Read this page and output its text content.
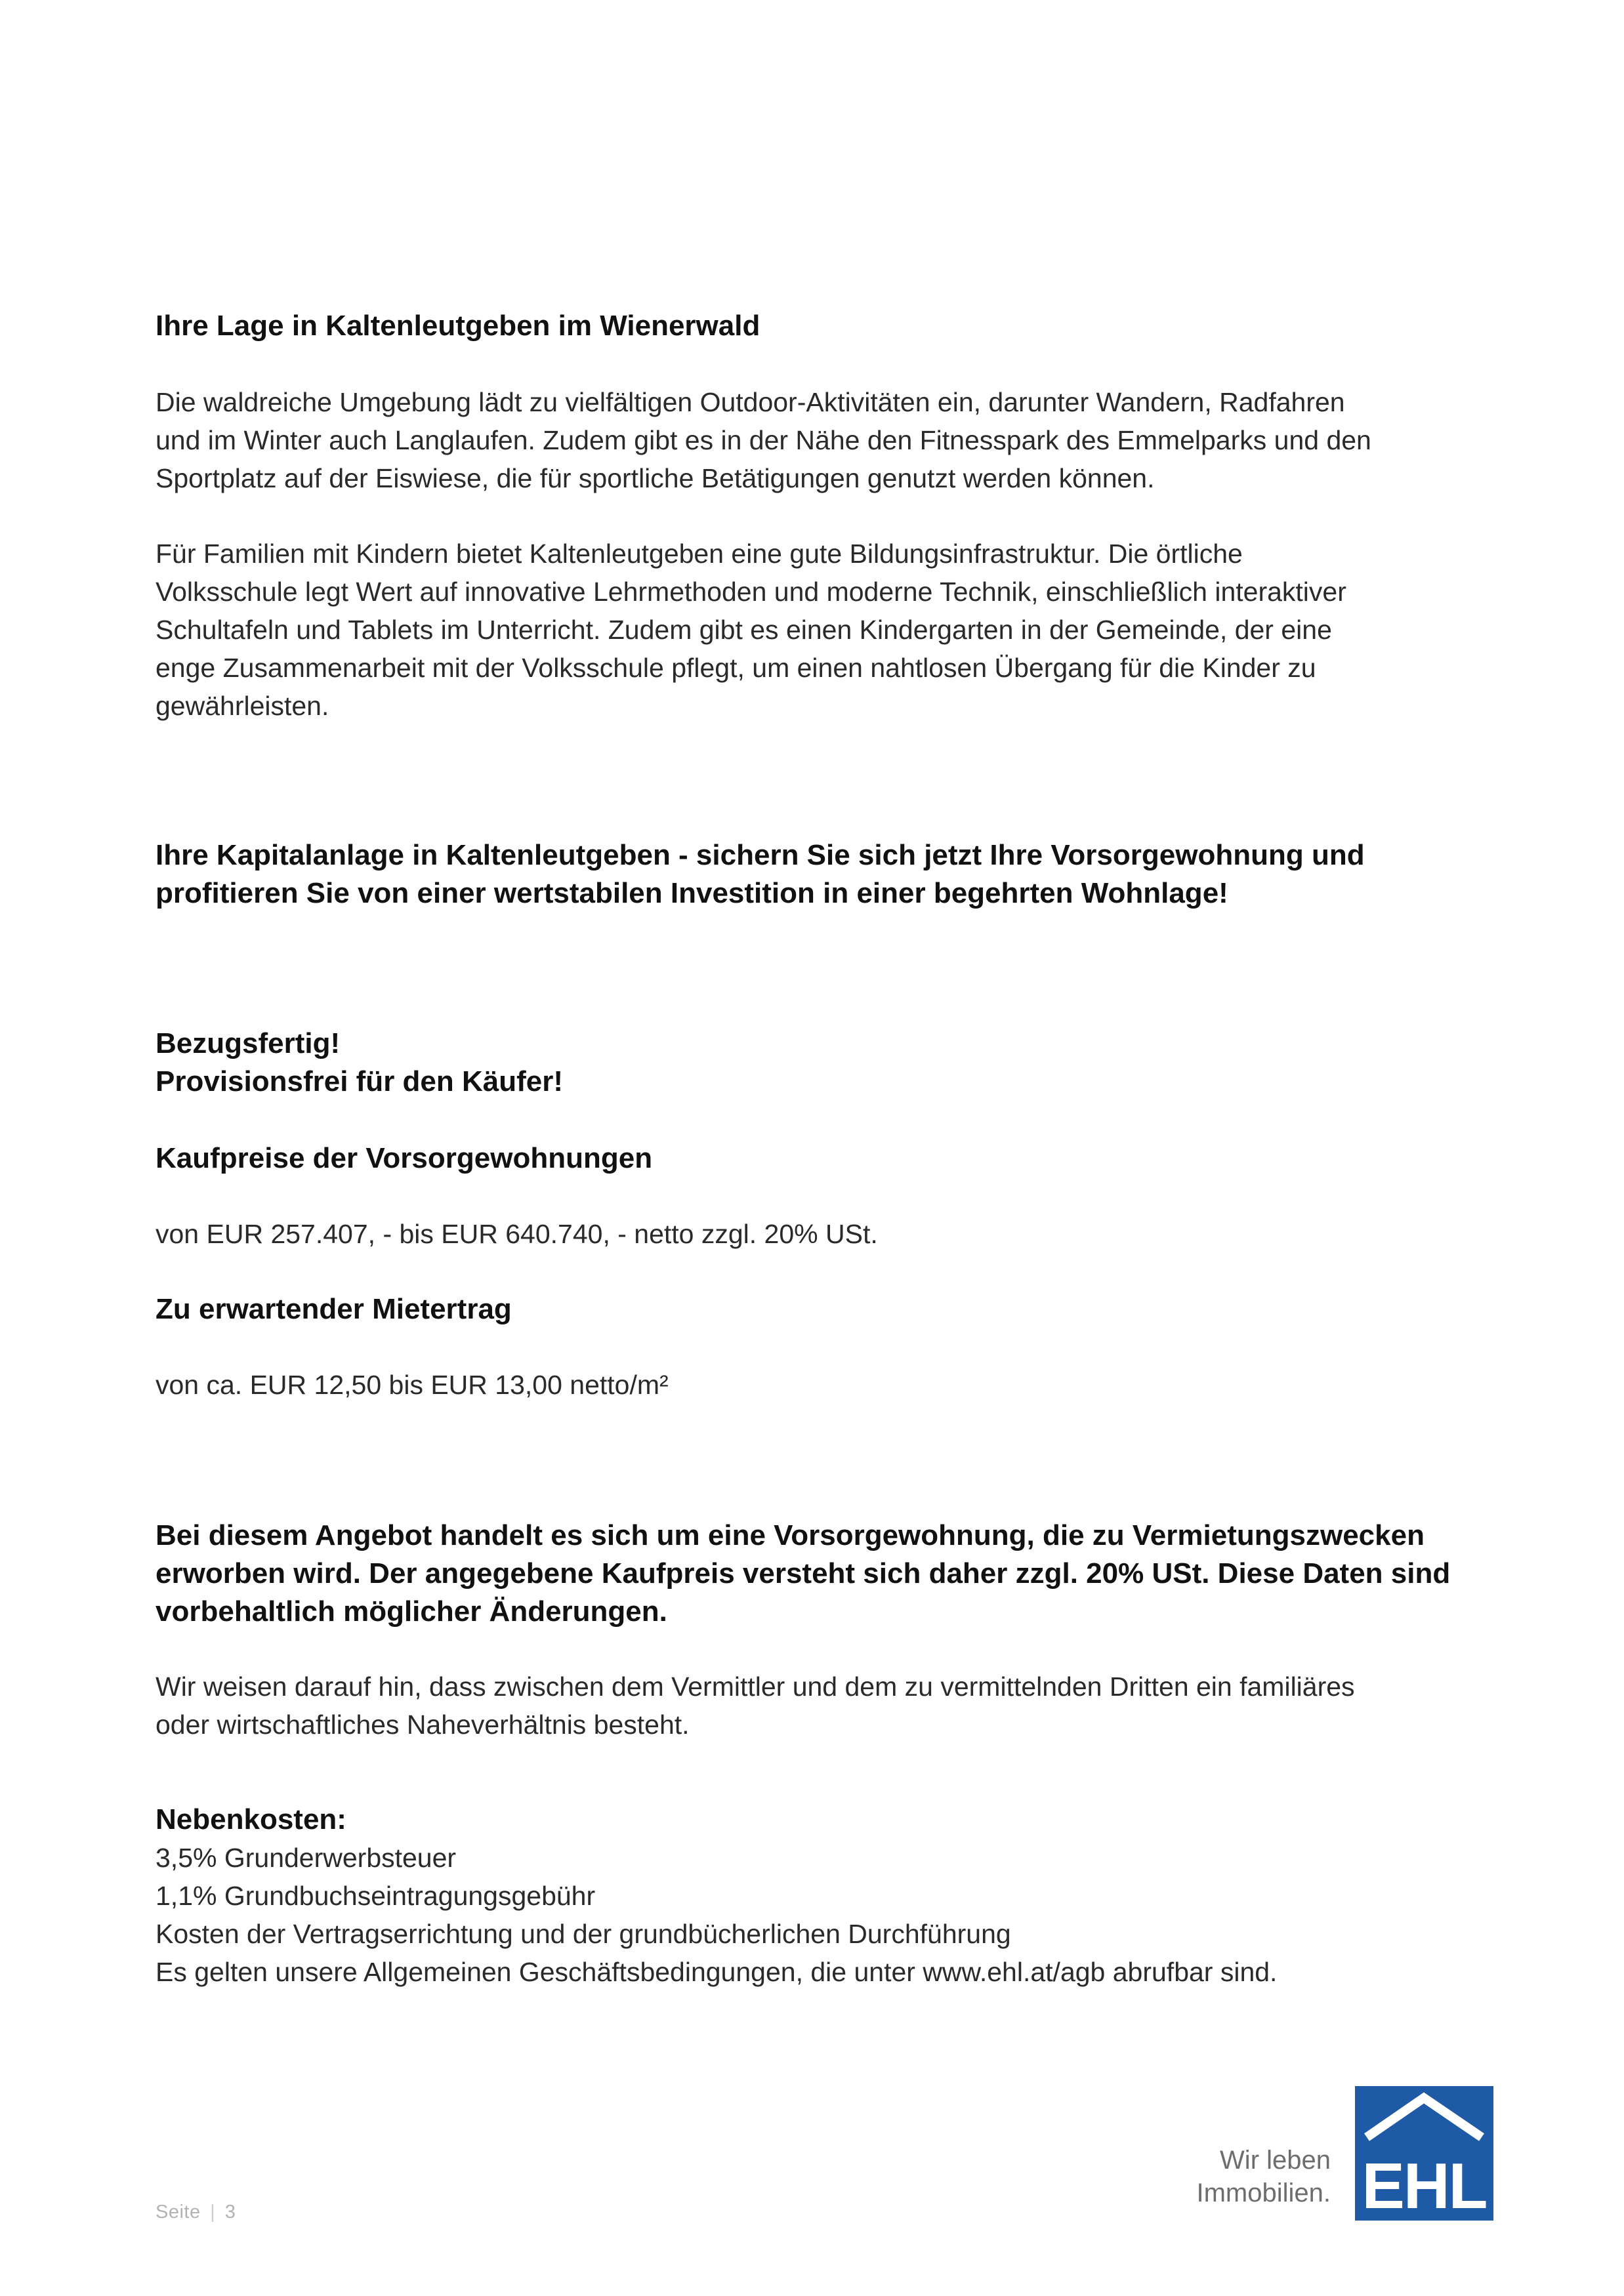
Ihre Lage in Kaltenleutgeben im Wienerwald

Die waldreiche Umgebung lädt zu vielfältigen Outdoor-Aktivitäten ein, darunter Wandern, Radfahren
und im Winter auch Langlaufen. Zudem gibt es in der Nähe den Fitnesspark des Emmelparks und den
Sportplatz auf der Eiswiese, die für sportliche Betätigungen genutzt werden können.

Für Familien mit Kindern bietet Kaltenleutgeben eine gute Bildungsinfrastruktur. Die örtliche
Volksschule legt Wert auf innovative Lehrmethoden und moderne Technik, einschließlich interaktiver
Schultafeln und Tablets im Unterricht. Zudem gibt es einen Kindergarten in der Gemeinde, der eine
enge Zusammenarbeit mit der Volksschule pflegt, um einen nahtlosen Übergang für die Kinder zu
gewährleisten.

Ihre Kapitalanlage in Kaltenleutgeben - sichern Sie sich jetzt Ihre Vorsorgewohnung und
profitieren Sie von einer wertstabilen Investition in einer begehrten Wohnlage!

Bezugsfertig!
Provisionsfrei für den Käufer!

Kaufpreise der Vorsorgewohnungen

von EUR 257.407, - bis EUR 640.740, - netto zzgl. 20% USt.

Zu erwartender Mietertrag

von ca. EUR 12,50 bis EUR 13,00 netto/m²

Bei diesem Angebot handelt es sich um eine Vorsorgewohnung, die zu Vermietungszwecken
erworben wird. Der angegebene Kaufpreis versteht sich daher zzgl. 20% USt. Diese Daten sind
vorbehaltlich möglicher Änderungen.

Wir weisen darauf hin, dass zwischen dem Vermittler und dem zu vermittelnden Dritten ein familiäres
oder wirtschaftliches Naheverhältnis besteht.

Nebenkosten:

3,5% Grunderwerbsteuer
1,1% Grundbuchseintragungsgebühr
Kosten der Vertragserrichtung und der grundbücherlichen Durchführung
Es gelten unsere Allgemeinen Geschäftsbedingungen, die unter www.ehl.at/agb abrufbar sind.

Seite | 3
Wir leben
Immobilien. EHL
